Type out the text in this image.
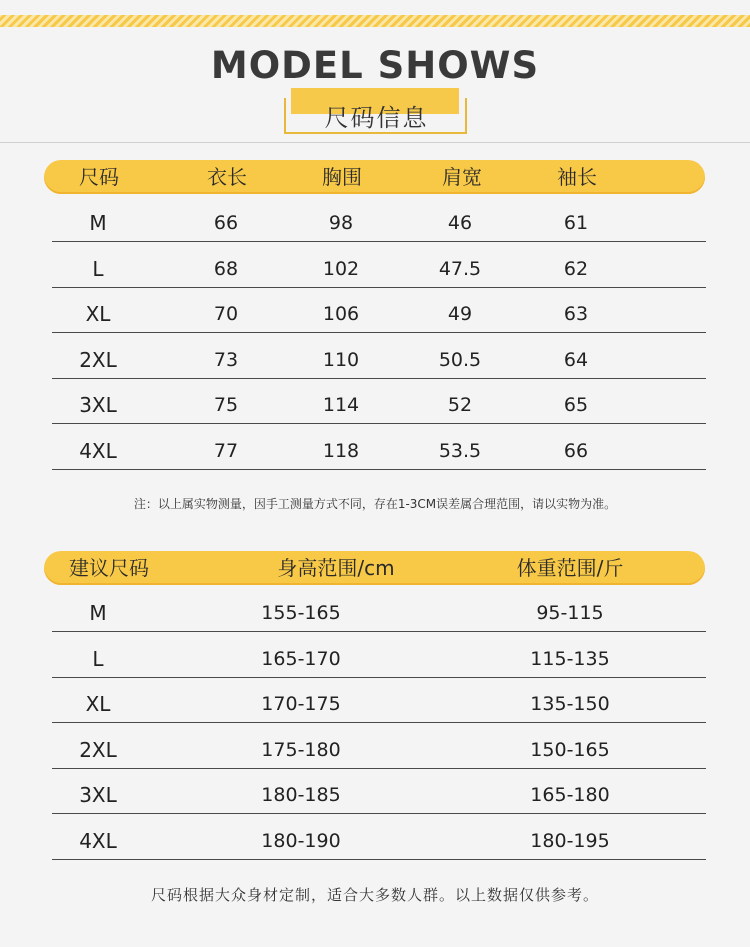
MODEL SHOWS
尺码信息
尺码	衣长	胸围	肩宽	袖长
M	66	98	46	61
L	68	102	47.5	62
XL	70	106	49	63
2XL	73	110	50.5	64
3XL	75	114	52	65
4XL	77	118	53.5	66
注：以上属实物测量，因手工测量方式不同，存在1-3CM误差属合理范围，请以实物为准。
建议尺码	身高范围/cm	体重范围/斤
M	155-165	95-115
L	165-170	115-135
XL	170-175	135-150
2XL	175-180	150-165
3XL	180-185	165-180
4XL	180-190	180-195
尺码根据大众身材定制，适合大多数人群。以上数据仅供参考。
